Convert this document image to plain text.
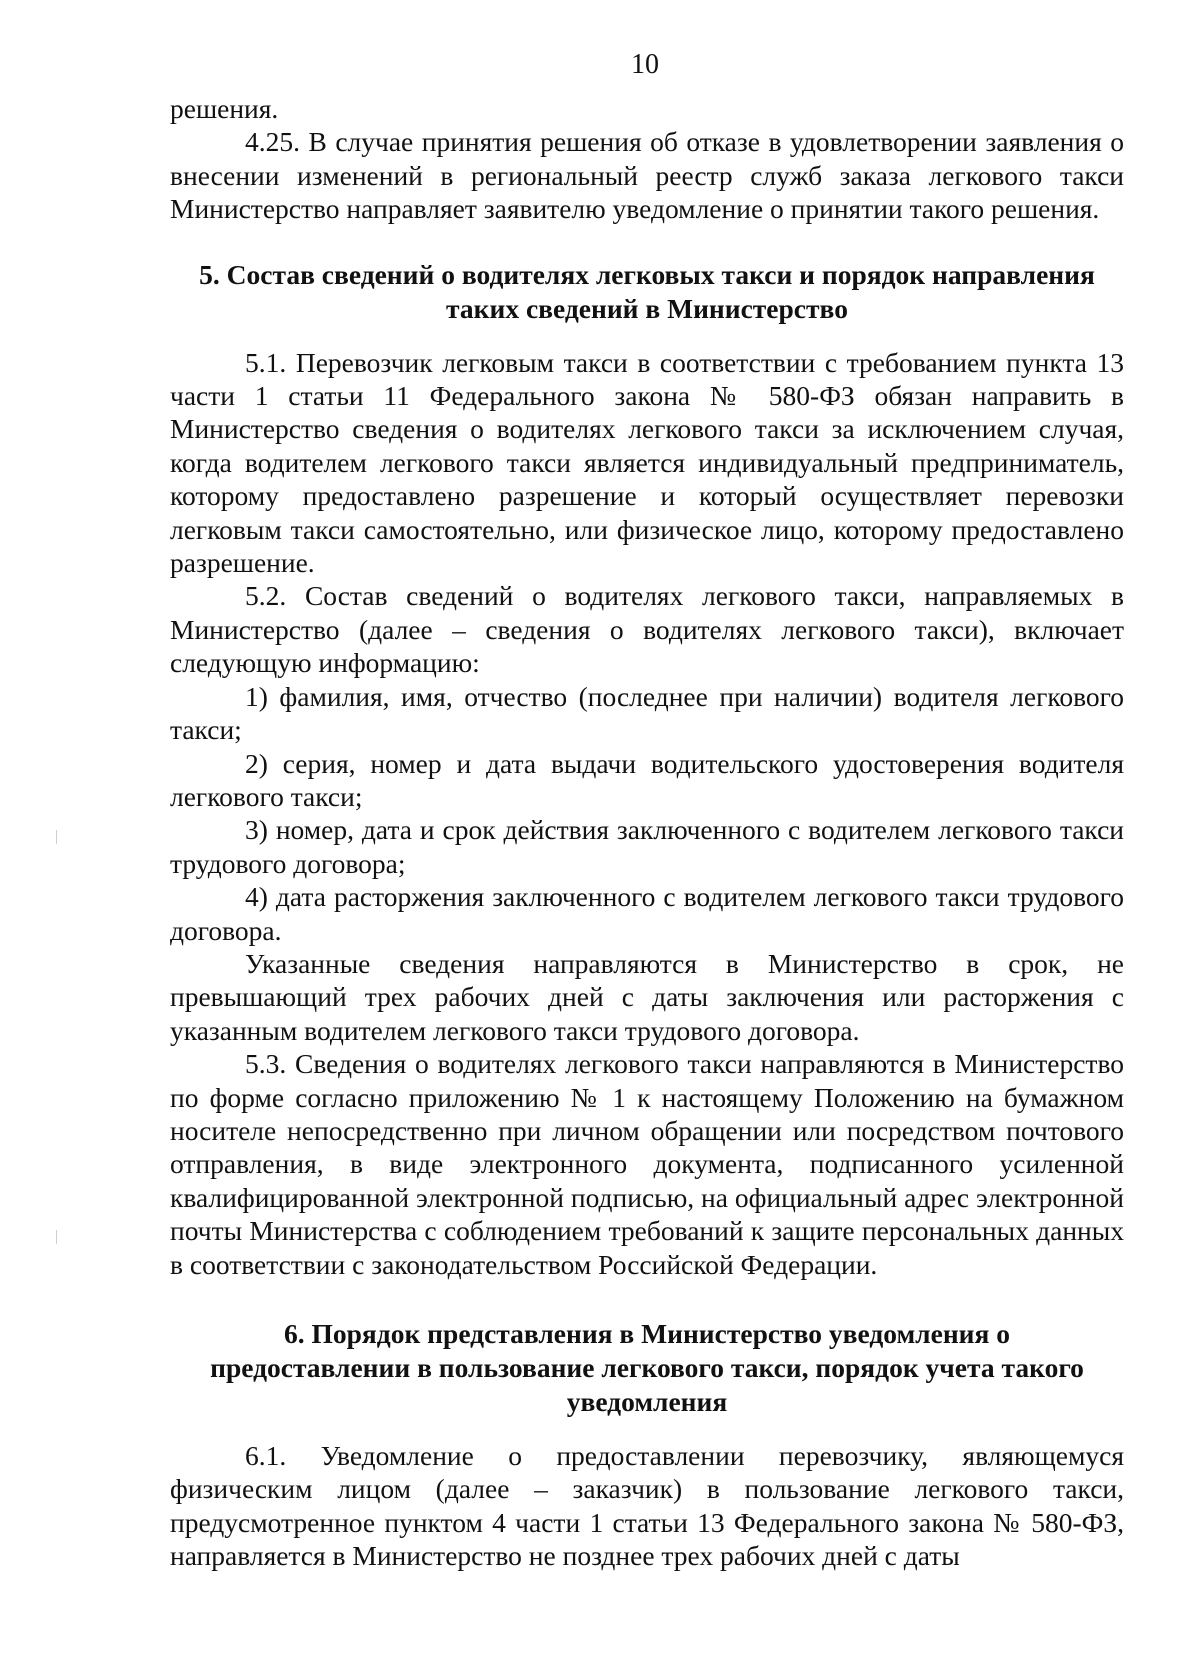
10

решения.

4.25. В случае принятия решения об отказе в удовлетворении заявления о внесении изменений в региональный реестр служб заказа легкового такси Министерство направляет заявителю уведомление о принятии такого решения.

5. Состав сведений о водителях легковых такси и порядок направления
таких сведений в Министерство

5.1. Перевозчик легковым такси в соответствии с требованием пункта 13 части 1 статьи 11 Федерального закона № 580-ФЗ обязан направить в Министерство сведения о водителях легкового такси за исключением случая, когда водителем легкового такси является индивидуальный предприниматель, которому предоставлено разрешение и который осуществляет перевозки легковым такси самостоятельно, или физическое лицо, которому предоставлено разрешение.

5.2. Состав сведений о водителях легкового такси, направляемых в Министерство (далее – сведения о водителях легкового такси), включает следующую информацию:

1) фамилия, имя, отчество (последнее при наличии) водителя легкового такси;

2) серия, номер и дата выдачи водительского удостоверения водителя легкового такси;

3) номер, дата и срок действия заключенного с водителем легкового такси трудового договора;

4) дата расторжения заключенного с водителем легкового такси трудового договора.

Указанные сведения направляются в Министерство в срок, не превышающий трех рабочих дней с даты заключения или расторжения с указанным водителем легкового такси трудового договора.

5.3. Сведения о водителях легкового такси направляются в Министерство по форме согласно приложению № 1 к настоящему Положению на бумажном носителе непосредственно при личном обращении или посредством почтового отправления, в виде электронного документа, подписанного усиленной квалифицированной электронной подписью, на официальный адрес электронной почты Министерства с соблюдением требований к защите персональных данных в соответствии с законодательством Российской Федерации.

6. Порядок представления в Министерство уведомления о
предоставлении в пользование легкового такси, порядок учета такого
уведомления

6.1. Уведомление о предоставлении перевозчику, являющемуся физическим лицом (далее – заказчик) в пользование легкового такси, предусмотренное пунктом 4 части 1 статьи 13 Федерального закона № 580-ФЗ, направляется в Министерство не позднее трех рабочих дней с даты
